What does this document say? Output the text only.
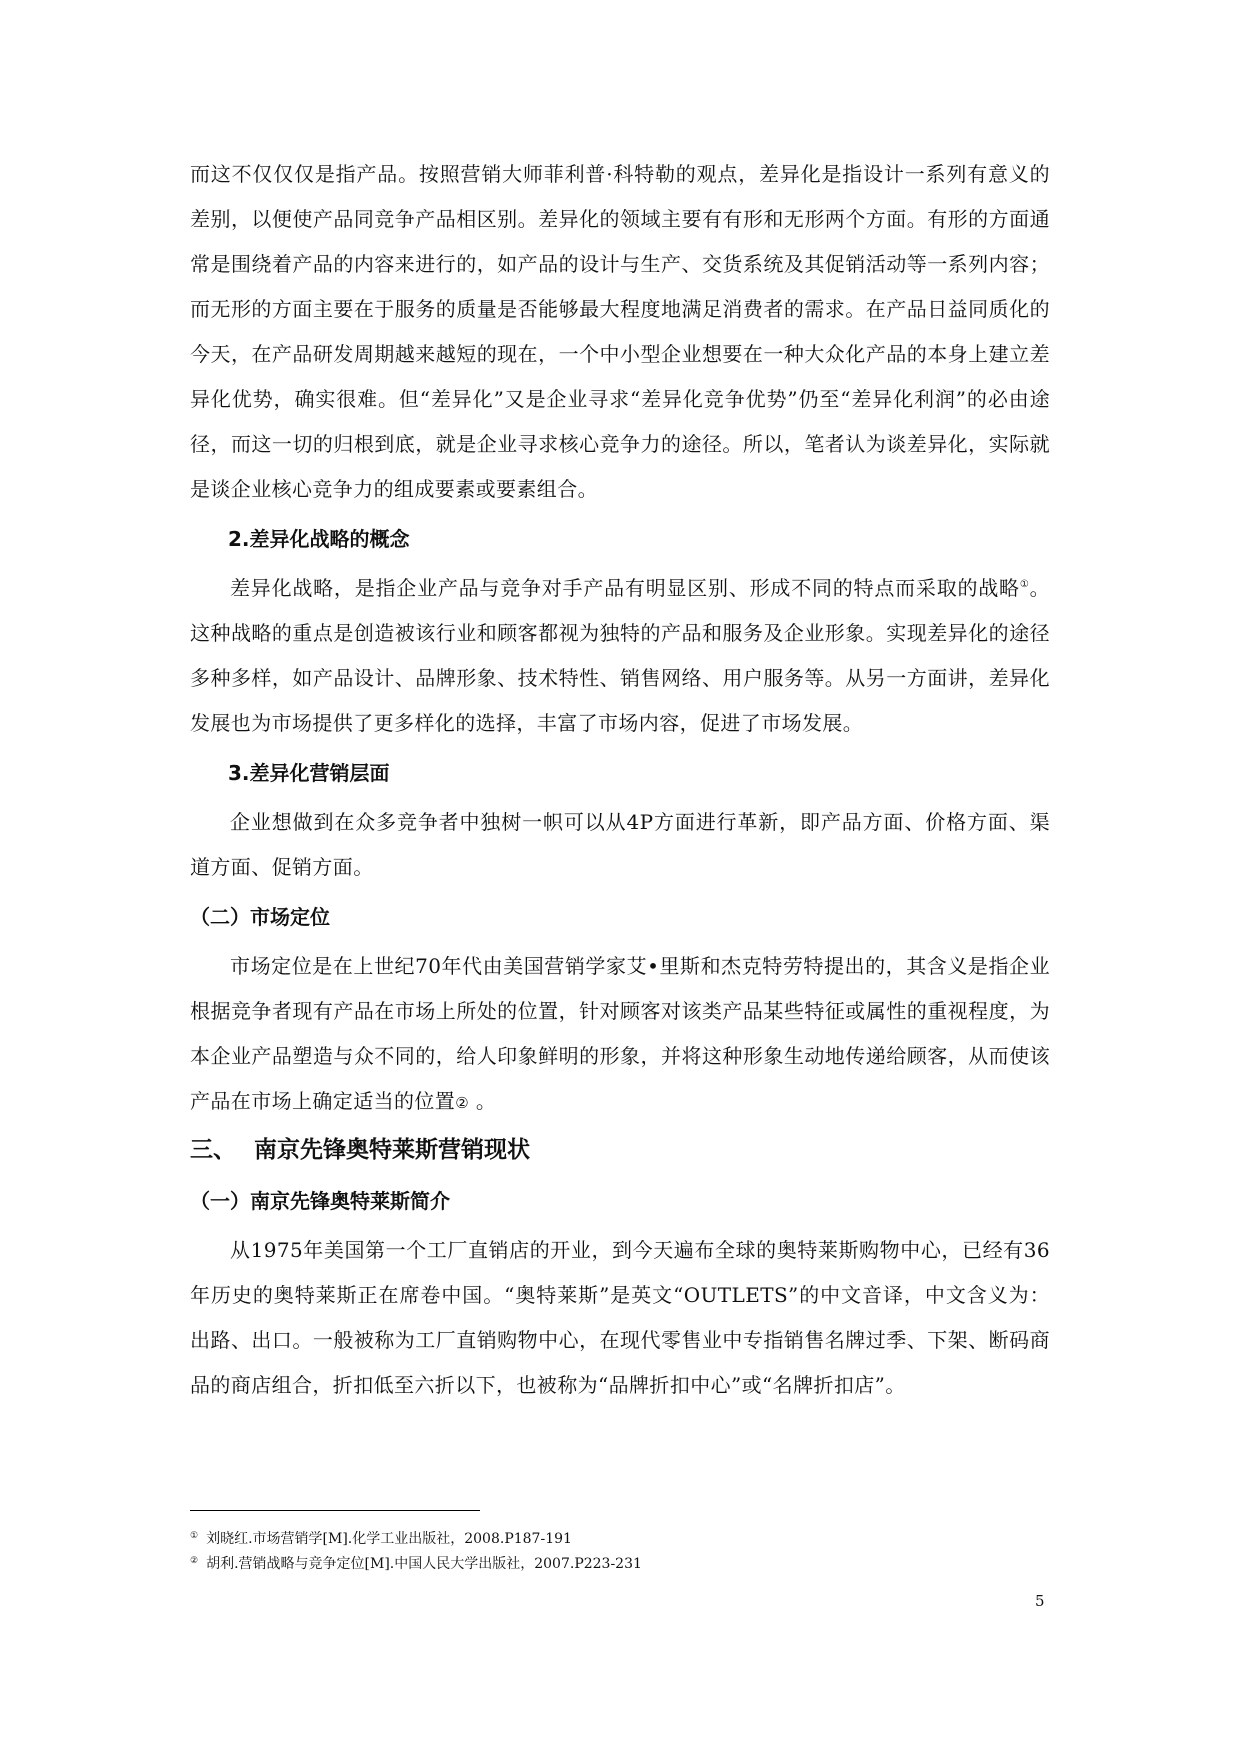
而这不仅仅仅是指产品。按照营销大师菲利普·科特勒的观点，差异化是指设计一系列有意义的差别，以便使产品同竞争产品相区别。差异化的领域主要有有形和无形两个方面。有形的方面通常是围绕着产品的内容来进行的，如产品的设计与生产、交货系统及其促销活动等一系列内容；而无形的方面主要在于服务的质量是否能够最大程度地满足消费者的需求。在产品日益同质化的今天，在产品研发周期越来越短的现在，一个中小型企业想要在一种大众化产品的本身上建立差异化优势，确实很难。但“差异化”又是企业寻求“差异化竞争优势”仍至“差异化利润”的必由途径，而这一切的归根到底，就是企业寻求核心竞争力的途径。所以，笔者认为谈差异化，实际就是谈企业核心竞争力的组成要素或要素组合。

2.差异化战略的概念

差异化战略，是指企业产品与竞争对手产品有明显区别、形成不同的特点而采取的战略①。这种战略的重点是创造被该行业和顾客都视为独特的产品和服务及企业形象。实现差异化的途径多种多样，如产品设计、品牌形象、技术特性、销售网络、用户服务等。从另一方面讲，差异化发展也为市场提供了更多样化的选择，丰富了市场内容，促进了市场发展。

3.差异化营销层面

企业想做到在众多竞争者中独树一帜可以从4P方面进行革新，即产品方面、价格方面、渠道方面、促销方面。

（二）市场定位

市场定位是在上世纪70年代由美国营销学家艾•里斯和杰克特劳特提出的，其含义是指企业根据竞争者现有产品在市场上所处的位置，针对顾客对该类产品某些特征或属性的重视程度，为本企业产品塑造与众不同的，给人印象鲜明的形象，并将这种形象生动地传递给顾客，从而使该产品在市场上确定适当的位置② 。

三、 南京先锋奥特莱斯营销现状
（一）南京先锋奥特莱斯简介

从1975年美国第一个工厂直销店的开业，到今天遍布全球的奥特莱斯购物中心，已经有36年历史的奥特莱斯正在席卷中国。“奥特莱斯”是英文“OUTLETS”的中文音译，中文含义为：出路、出口。一般被称为工厂直销购物中心，在现代零售业中专指销售名牌过季、下架、断码商品的商店组合，折扣低至六折以下，也被称为“品牌折扣中心”或“名牌折扣店”。

① 刘晓红.市场营销学[M].化学工业出版社，2008.P187-191

② 胡利.营销战略与竞争定位[M].中国人民大学出版社，2007.P223-231

5
